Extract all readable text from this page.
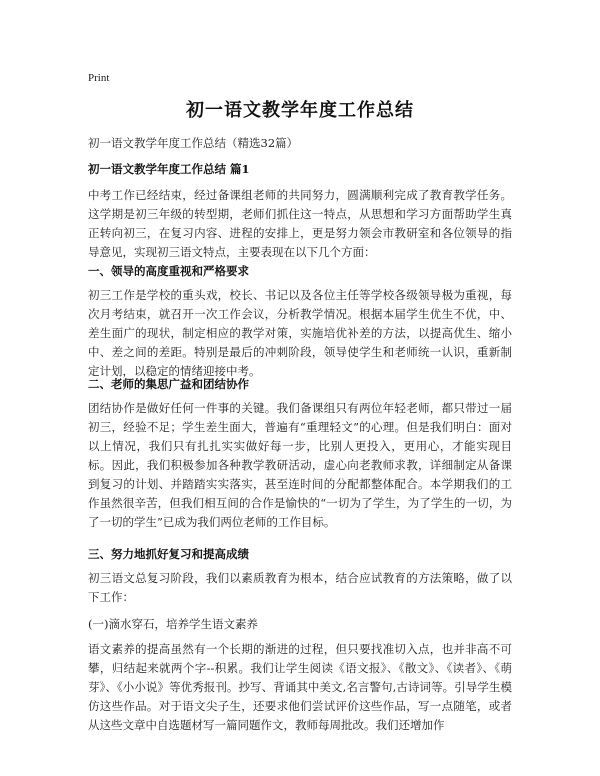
Print
初一语文教学年度工作总结
初一语文教学年度工作总结（精选32篇）
初一语文教学年度工作总结 篇1
中考工作已经结束，经过备课组老师的共同努力，圆满顺利完成了教育教学任务。这学期是初三年级的转型期，老师们抓住这一特点，从思想和学习方面帮助学生真正转向初三，在复习内容、进程的安排上，更是努力领会市教研室和各位领导的指导意见，实现初三语文特点，主要表现在以下几个方面：
一、领导的高度重视和严格要求
初三工作是学校的重头戏，校长、书记以及各位主任等学校各级领导极为重视，每次月考结束，就召开一次工作会议，分析教学情况。根据本届学生优生不优，中、差生面广的现状，制定相应的教学对策，实施培优补差的方法，以提高优生、缩小中、差之间的差距。特别是最后的冲刺阶段，领导使学生和老师统一认识，重新制定计划，以稳定的情绪迎接中考。
二、老师的集思广益和团结协作
团结协作是做好任何一件事的关键。我们备课组只有两位年轻老师，都只带过一届初三，经验不足；学生差生面大，普遍有“重理轻文”的心理。但是我们明白：面对以上情况，我们只有扎扎实实做好每一步，比别人更投入，更用心，才能实现目标。因此，我们积极参加各种教学教研活动，虚心向老教师求教，详细制定从备课到复习的计划、并踏踏实实落实，甚至连时间的分配都整体配合。本学期我们的工作虽然很辛苦，但我们相互间的合作是愉快的“一切为了学生，为了学生的一切，为了一切的学生”已成为我们两位老师的工作目标。
三、努力地抓好复习和提高成绩
初三语文总复习阶段，我们以素质教育为根本，结合应试教育的方法策略，做了以下工作：
(一)滴水穿石，培养学生语文素养
语文素养的提高虽然有一个长期的渐进的过程，但只要找准切入点，也并非高不可攀，归结起来就两个字--积累。我们让学生阅读《语文报》、《散文》、《读者》、《萌芽》、《小小说》等优秀报刊。抄写、背诵其中美文,名言警句,古诗词等。引导学生模仿这些作品。对于语文尖子生，还要求他们尝试评价这些作品，写一点随笔，或者从这些文章中自选题材写一篇同题作文，教师每周批改。我们还增加作
